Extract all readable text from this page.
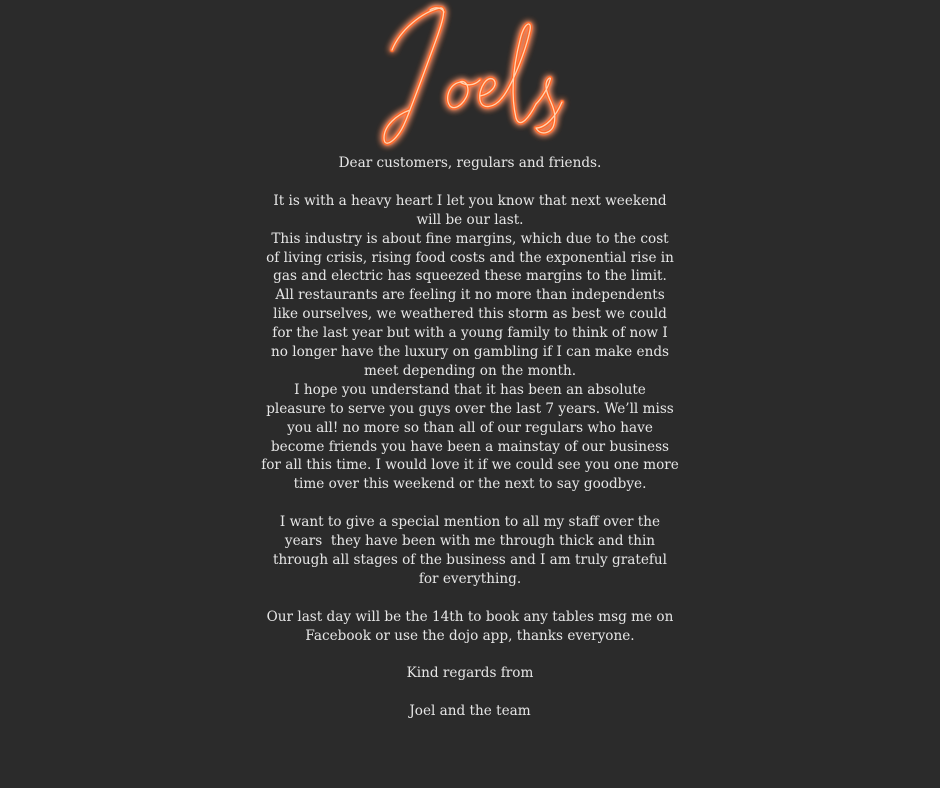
Dear customers, regulars and friends.
It is with a heavy heart I let you know that next weekend
will be our last.
This industry is about fine margins, which due to the cost
of living crisis, rising food costs and the exponential rise in
gas and electric has squeezed these margins to the limit.
All restaurants are feeling it no more than independents
like ourselves, we weathered this storm as best we could
for the last year but with a young family to think of now I
no longer have the luxury on gambling if I can make ends
meet depending on the month.
I hope you understand that it has been an absolute
pleasure to serve you guys over the last 7 years. We’ll miss
you all! no more so than all of our regulars who have
become friends you have been a mainstay of our business
for all this time. I would love it if we could see you one more
time over this weekend or the next to say goodbye.
I want to give a special mention to all my staff over the
years  they have been with me through thick and thin
through all stages of the business and I am truly grateful
for everything.
Our last day will be the 14th to book any tables msg me on
Facebook or use the dojo app, thanks everyone.
Kind regards from
Joel and the team
